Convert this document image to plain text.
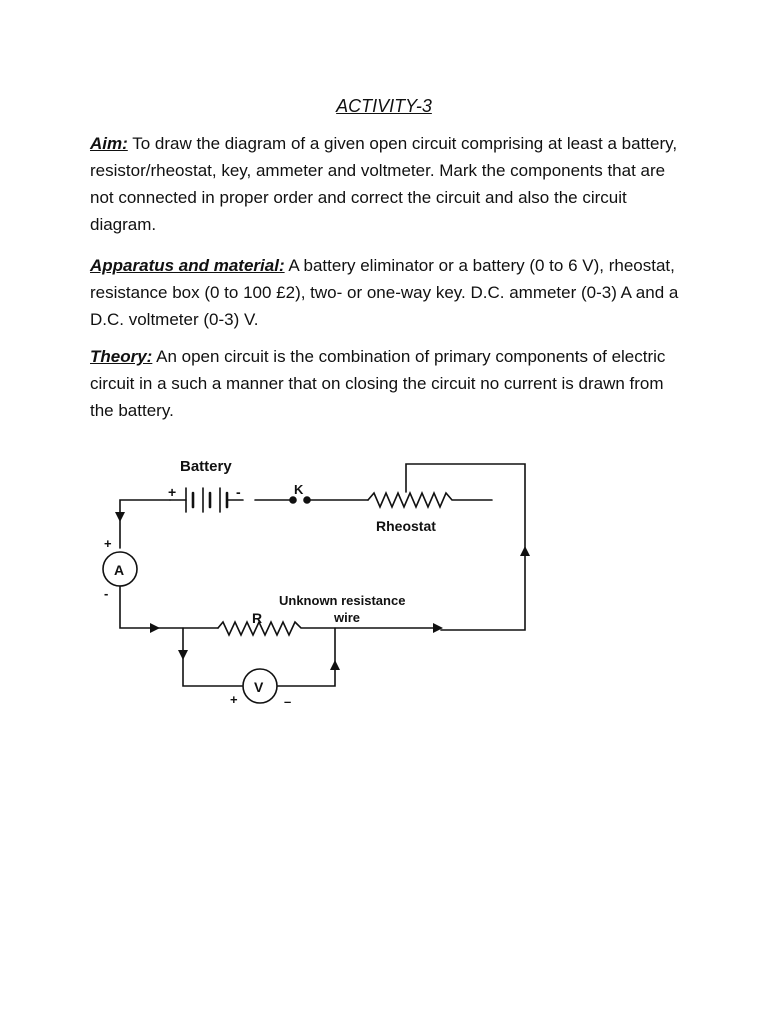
ACTIVITY-3
Aim: To draw the diagram of a given open circuit comprising at least a battery, resistor/rheostat, key, ammeter and voltmeter. Mark the components that are not connected in proper order and correct the circuit and also the circuit diagram.
Apparatus and material: A battery eliminator or a battery (0 to 6 V), rheostat, resistance box (0 to 100 £2), two- or one-way key. D.C. ammeter (0-3) A and a D.C. voltmeter (0-3) V.
Theory: An open circuit is the combination of primary components of electric circuit in a such a manner that on closing the circuit no current is drawn from the battery.
Battery
+	-	K
Rheostat
A
+
-	Unknown resistance
wire
R
V
+	–
